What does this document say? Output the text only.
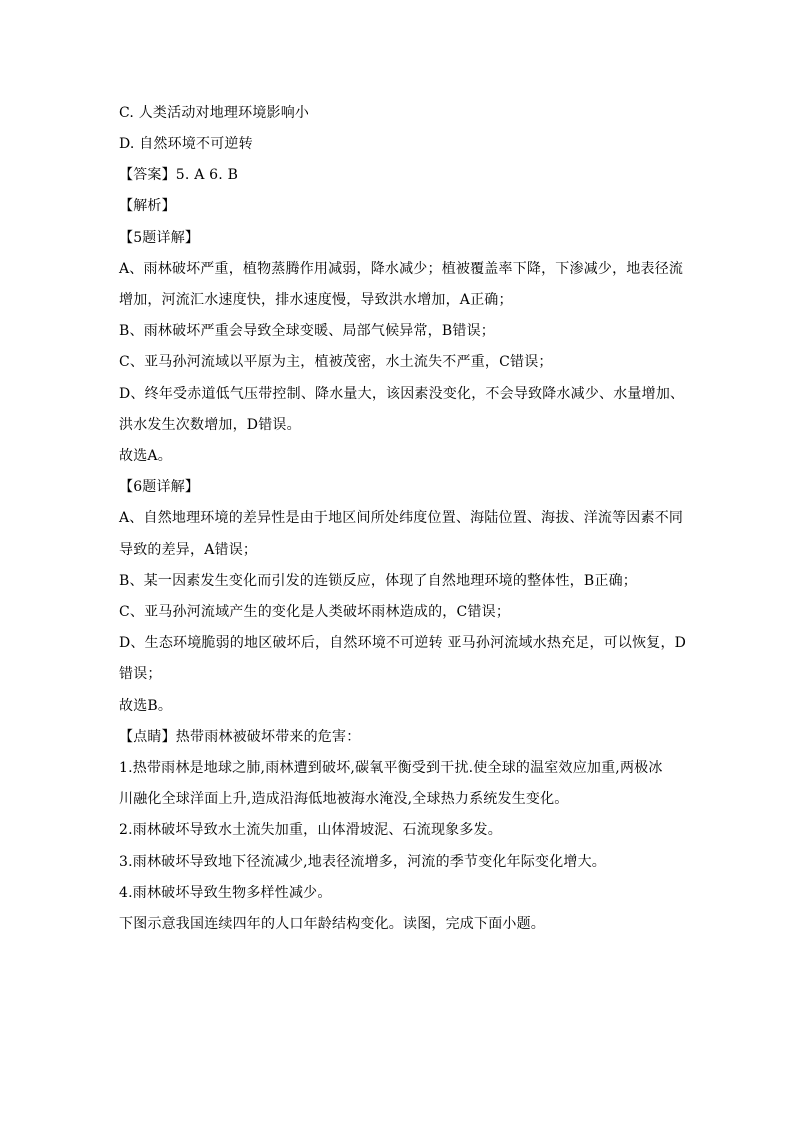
C. 人类活动对地理环境影响小
D. 自然环境不可逆转
【答案】5. A 6. B
【解析】
【5题详解】
A、雨林破坏严重，植物蒸腾作用减弱，降水减少；植被覆盖率下降，下渗减少，地表径流
增加，河流汇水速度快，排水速度慢，导致洪水增加，A正确；
B、雨林破坏严重会导致全球变暖、局部气候异常，B错误；
C、亚马孙河流域以平原为主，植被茂密，水土流失不严重，C错误；
D、终年受赤道低气压带控制、降水量大，该因素没变化，不会导致降水减少、水量增加、
洪水发生次数增加，D错误。
故选A。
【6题详解】
A、自然地理环境的差异性是由于地区间所处纬度位置、海陆位置、海拔、洋流等因素不同
导致的差异，A错误；
B、某一因素发生变化而引发的连锁反应，体现了自然地理环境的整体性，B正确；
C、亚马孙河流域产生的变化是人类破坏雨林造成的，C错误；
D、生态环境脆弱的地区破坏后，自然环境不可逆转 亚马孙河流域水热充足，可以恢复，D
错误；
故选B。
【点睛】热带雨林被破坏带来的危害：
1.热带雨林是地球之肺,雨林遭到破坏,碳氧平衡受到干扰.使全球的温室效应加重,两极冰
川融化全球洋面上升,造成沿海低地被海水淹没,全球热力系统发生变化。
2.雨林破坏导致水土流失加重，山体滑坡泥、石流现象多发。
3.雨林破坏导致地下径流减少,地表径流增多，河流的季节变化年际变化增大。
4.雨林破坏导致生物多样性减少。
下图示意我国连续四年的人口年龄结构变化。读图，完成下面小题。
